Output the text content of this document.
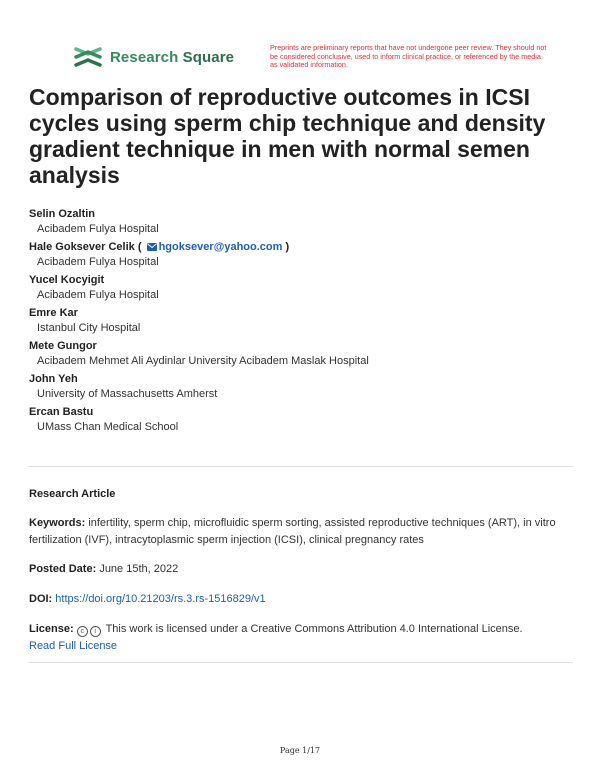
Research Square
Preprints are preliminary reports that have not undergone peer review. They should not be considered conclusive, used to inform clinical practice, or referenced by the media as validated information.
Comparison of reproductive outcomes in ICSI cycles using sperm chip technique and density gradient technique in men with normal semen analysis
Selin Ozaltin
Acibadem Fulya Hospital
Hale Goksever Celik ( hgoksever@yahoo.com )
Acibadem Fulya Hospital
Yucel Kocyigit
Acibadem Fulya Hospital
Emre Kar
Istanbul City Hospital
Mete Gungor
Acibadem Mehmet Ali Aydinlar University Acibadem Maslak Hospital
John Yeh
University of Massachusetts Amherst
Ercan Bastu
UMass Chan Medical School
Research Article
Keywords: infertility, sperm chip, microfluidic sperm sorting, assisted reproductive techniques (ART), in vitro fertilization (IVF), intracytoplasmic sperm injection (ICSI), clinical pregnancy rates
Posted Date: June 15th, 2022
DOI: https://doi.org/10.21203/rs.3.rs-1516829/v1
License: c i This work is licensed under a Creative Commons Attribution 4.0 International License.
Read Full License
Page 1/17
